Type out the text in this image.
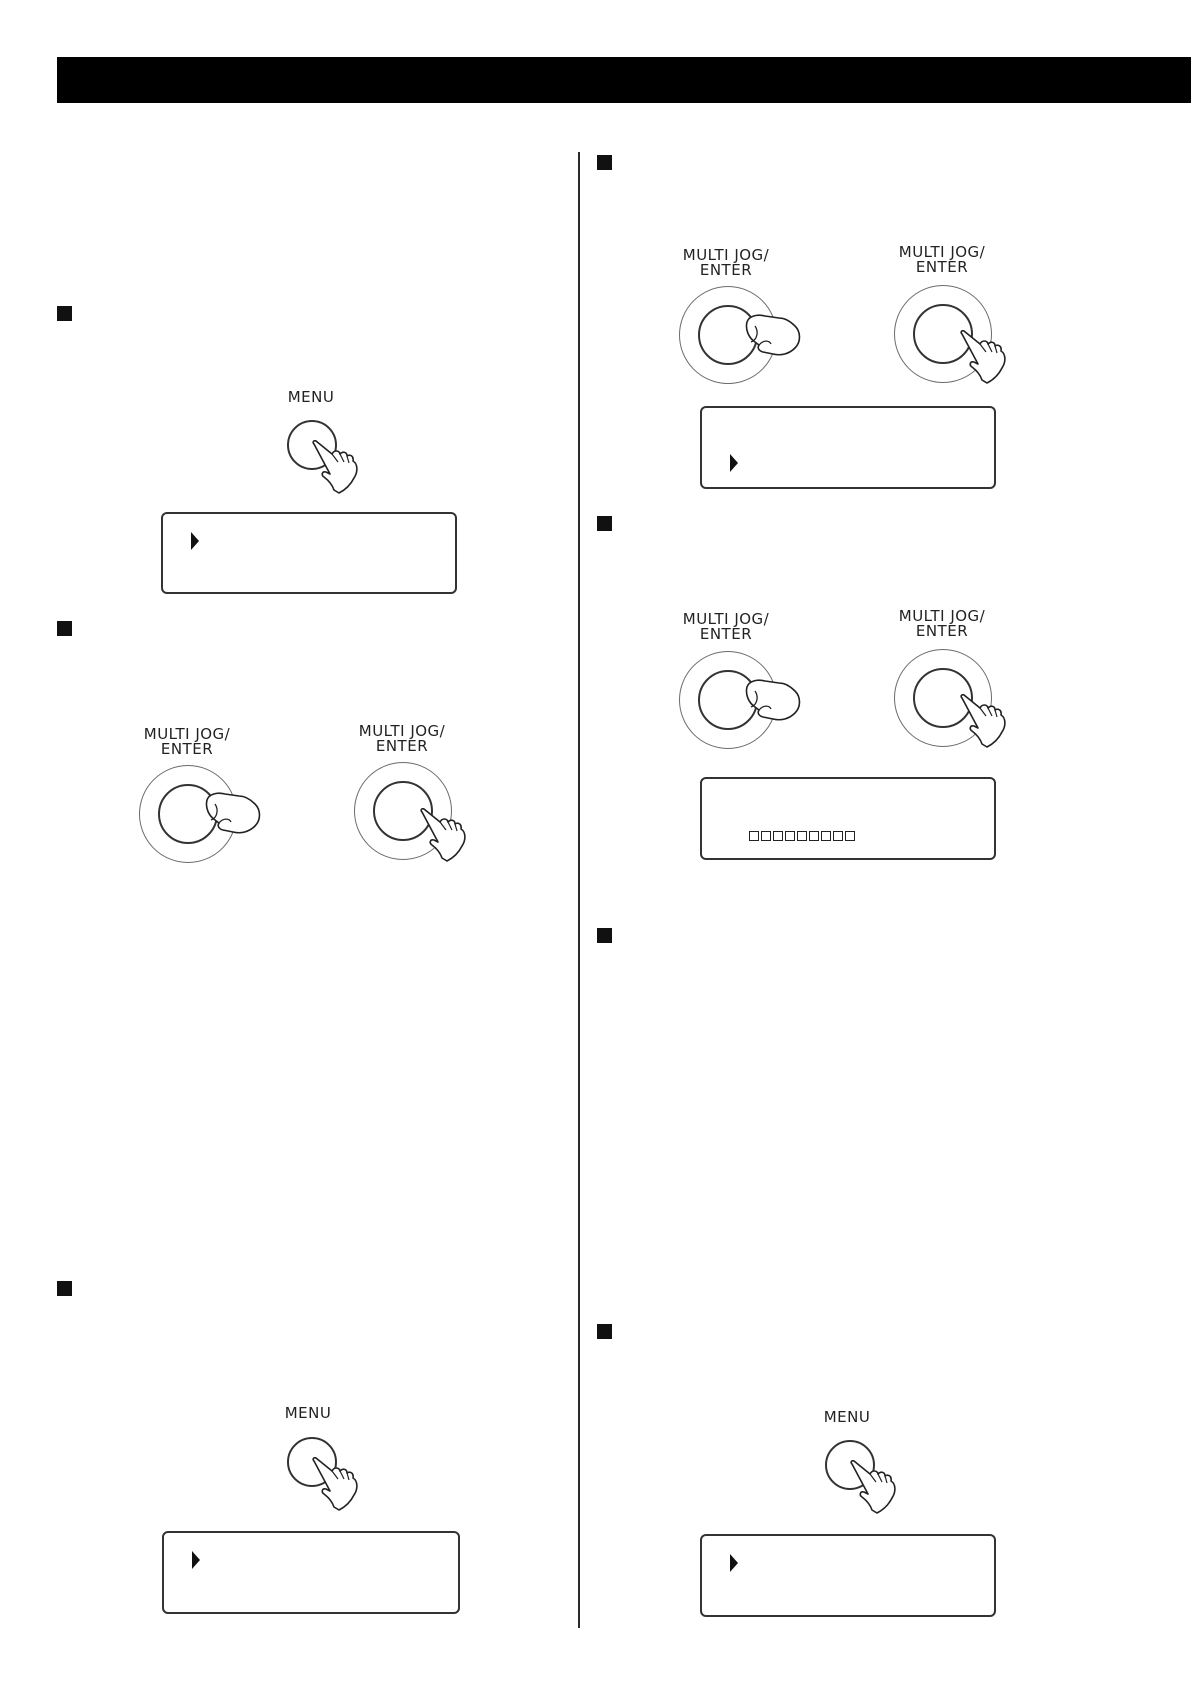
MENU
MULTI JOG/
ENTER
MULTI JOG/
ENTER
MENU
MULTI JOG/
ENTER
MULTI JOG/
ENTER
MULTI JOG/
ENTER
MULTI JOG/
ENTER
MENU
